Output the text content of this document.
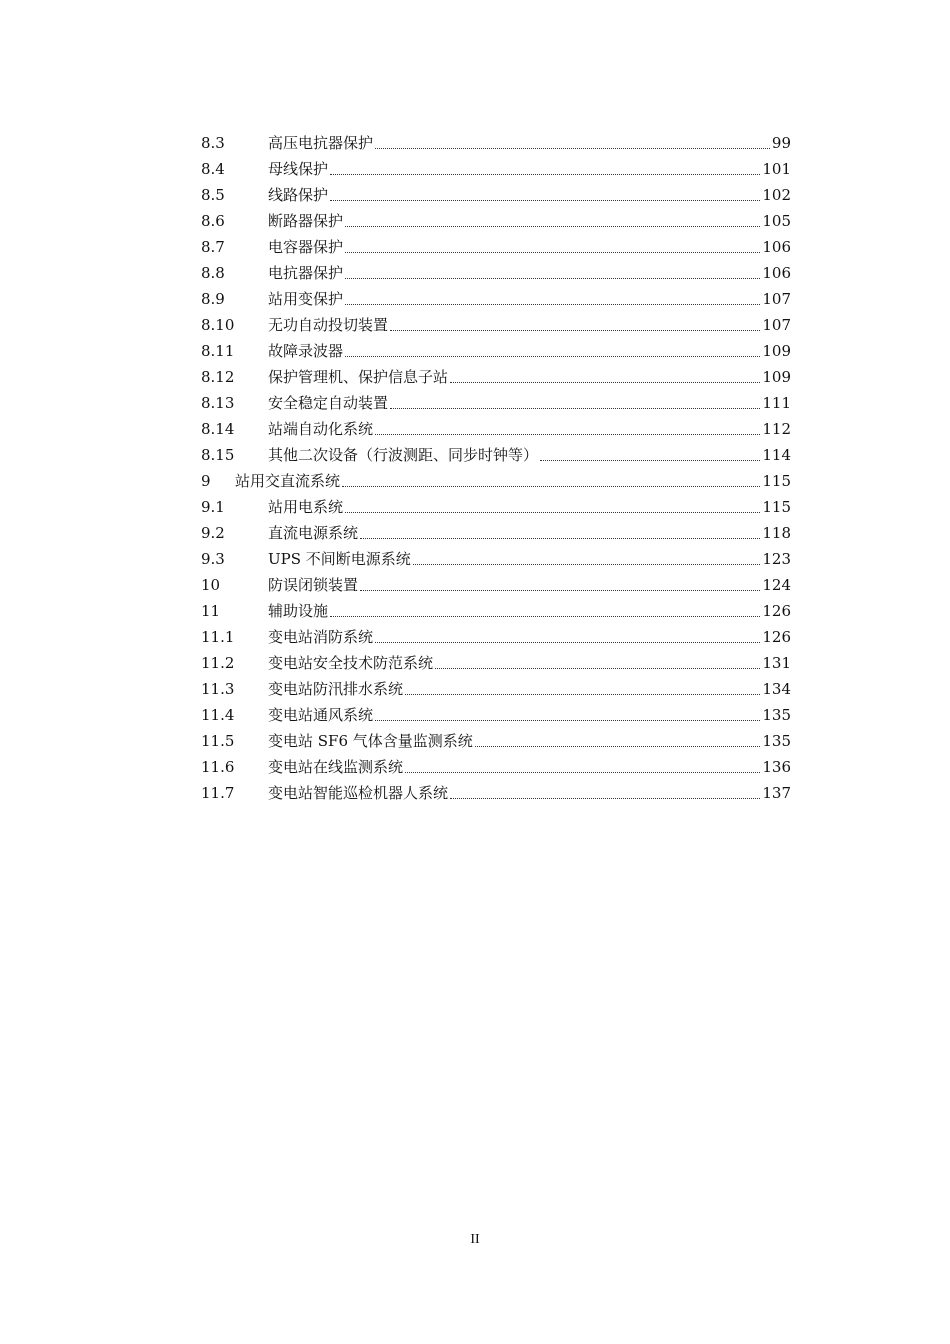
8.3	高压电抗器保护	99
8.4	母线保护	101
8.5	线路保护	102
8.6	断路器保护	105
8.7	电容器保护	106
8.8	电抗器保护	106
8.9	站用变保护	107
8.10	无功自动投切装置	107
8.11	故障录波器	109
8.12	保护管理机、保护信息子站	109
8.13	安全稳定自动装置	111
8.14	站端自动化系统	112
8.15	其他二次设备（行波测距、同步时钟等）	114
9	站用交直流系统	115
9.1	站用电系统	115
9.2	直流电源系统	118
9.3	UPS 不间断电源系统	123
10	防误闭锁装置	124
11	辅助设施	126
11.1	变电站消防系统	126
11.2	变电站安全技术防范系统	131
11.3	变电站防汛排水系统	134
11.4	变电站通风系统	135
11.5	变电站 SF6 气体含量监测系统	135
11.6	变电站在线监测系统	136
11.7	变电站智能巡检机器人系统	137
II
